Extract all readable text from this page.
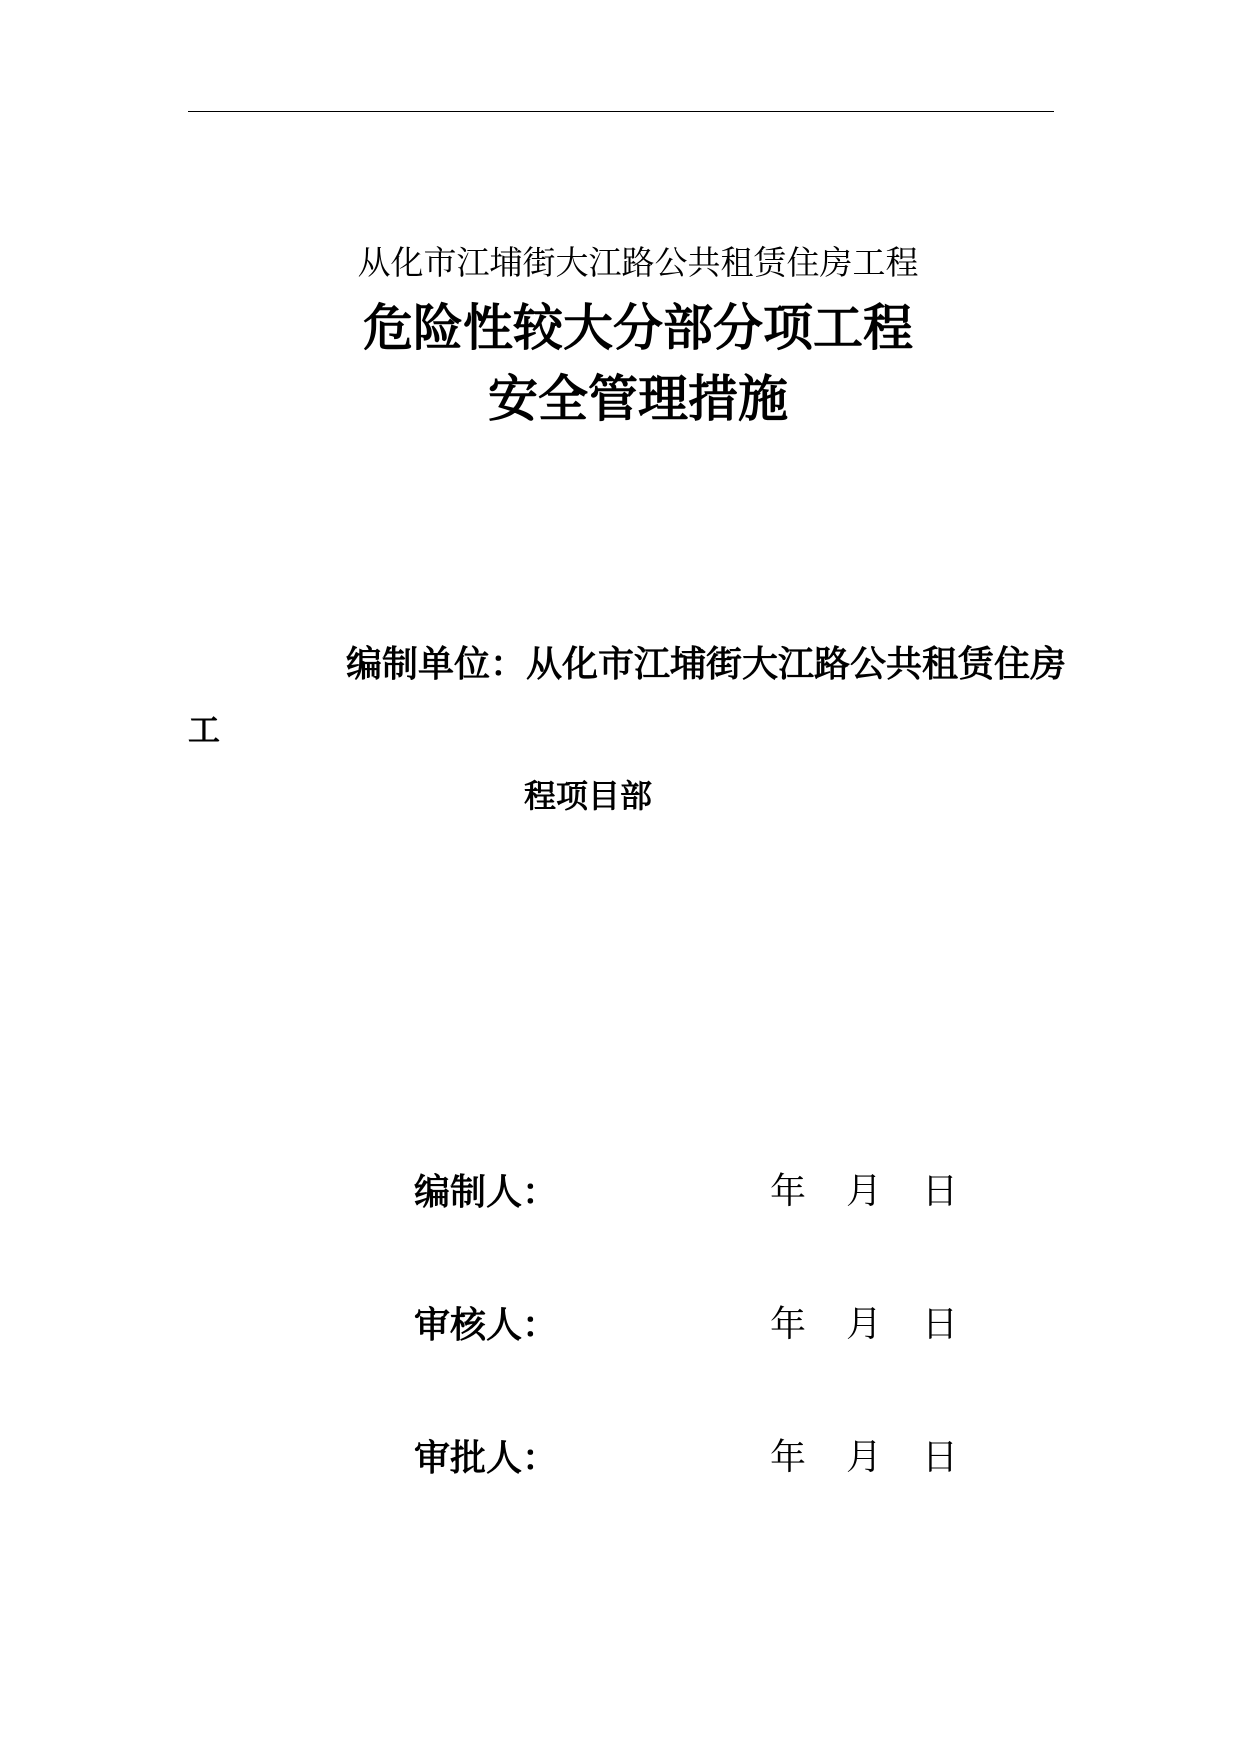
从化市江埔街大江路公共租赁住房工程
危险性较大分部分项工程
安全管理措施
编制单位：从化市江埔街大江路公共租赁住房
工
程项目部
编制人：	年 月 日
审核人：	年 月 日
审批人：	年 月 日
